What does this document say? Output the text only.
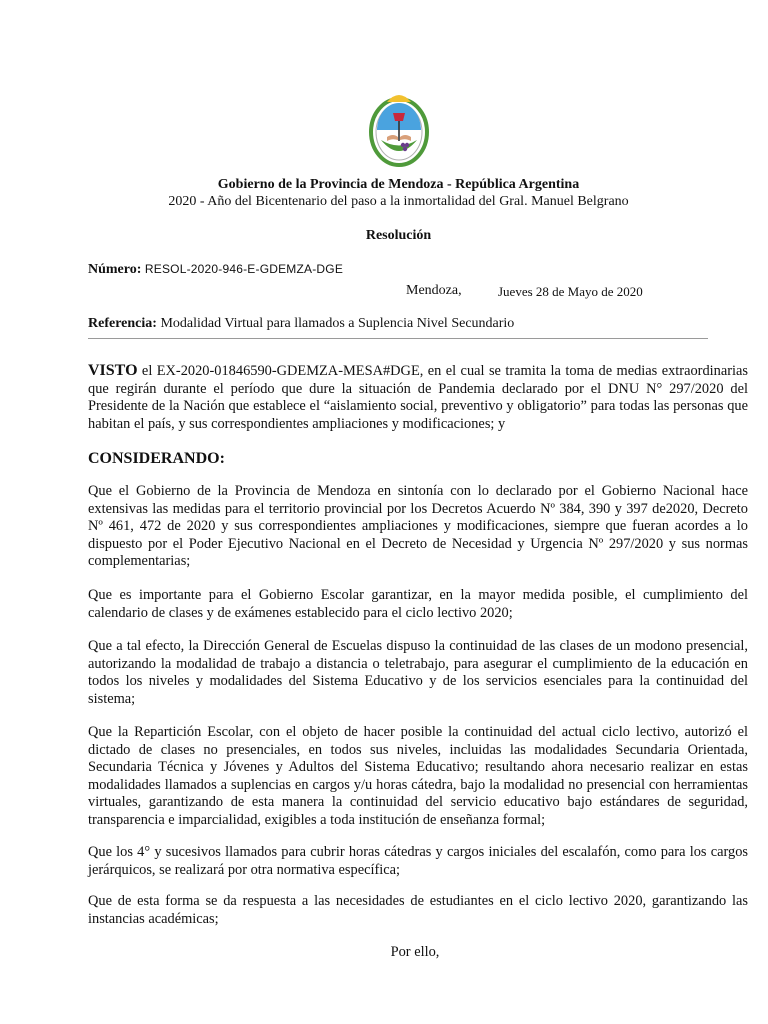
Gobierno de la Provincia de Mendoza - República Argentina
2020 - Año del Bicentenario del paso a la inmortalidad del Gral. Manuel Belgrano
Resolución
Número: RESOL-2020-946-E-GDEMZA-DGE
Mendoza,	Jueves 28 de Mayo de 2020
Referencia: Modalidad Virtual para llamados a Suplencia Nivel Secundario
VISTO el EX-2020-01846590-GDEMZA-MESA#DGE, en el cual se tramita la toma de medias extraordinarias que regirán durante el período que dure la situación de Pandemia declarado por el DNU N° 297/2020 del Presidente de la Nación que establece el “aislamiento social, preventivo y obligatorio” para todas las personas que habitan el país, y sus correspondientes ampliaciones y modificaciones; y
CONSIDERANDO:
Que el Gobierno de la Provincia de Mendoza en sintonía con lo declarado por el Gobierno Nacional hace extensivas las medidas para el territorio provincial por los Decretos Acuerdo Nº 384, 390 y 397 de2020, Decreto Nº 461, 472 de 2020 y sus correspondientes ampliaciones y modificaciones, siempre que fueran acordes a lo dispuesto por el Poder Ejecutivo Nacional en el Decreto de Necesidad y Urgencia Nº 297/2020 y sus normas complementarias;
Que es importante para el Gobierno Escolar garantizar, en la mayor medida posible, el cumplimiento del calendario de clases y de exámenes establecido para el ciclo lectivo 2020;
Que a tal efecto, la Dirección General de Escuelas dispuso la continuidad de las clases de un modono presencial, autorizando la modalidad de trabajo a distancia o teletrabajo, para asegurar el cumplimiento de la educación en todos los niveles y modalidades del Sistema Educativo y de los servicios esenciales para la continuidad del sistema;
Que la Repartición Escolar, con el objeto de hacer posible la continuidad del actual ciclo lectivo, autorizó el dictado de clases no presenciales, en todos sus niveles, incluidas las modalidades Secundaria Orientada, Secundaria Técnica y Jóvenes y Adultos del Sistema Educativo; resultando ahora necesario realizar en estas modalidades llamados a suplencias en cargos y/u horas cátedra, bajo la modalidad no presencial con herramientas virtuales, garantizando de esta manera la continuidad del servicio educativo bajo estándares de seguridad, transparencia e imparcialidad, exigibles a toda institución de enseñanza formal;
Que los 4° y sucesivos llamados para cubrir horas cátedras y cargos iniciales del escalafón, como para los cargos jerárquicos, se realizará por otra normativa específica;
Que de esta forma se da respuesta a las necesidades de estudiantes en el ciclo lectivo 2020, garantizando las instancias académicas;
Por ello,
